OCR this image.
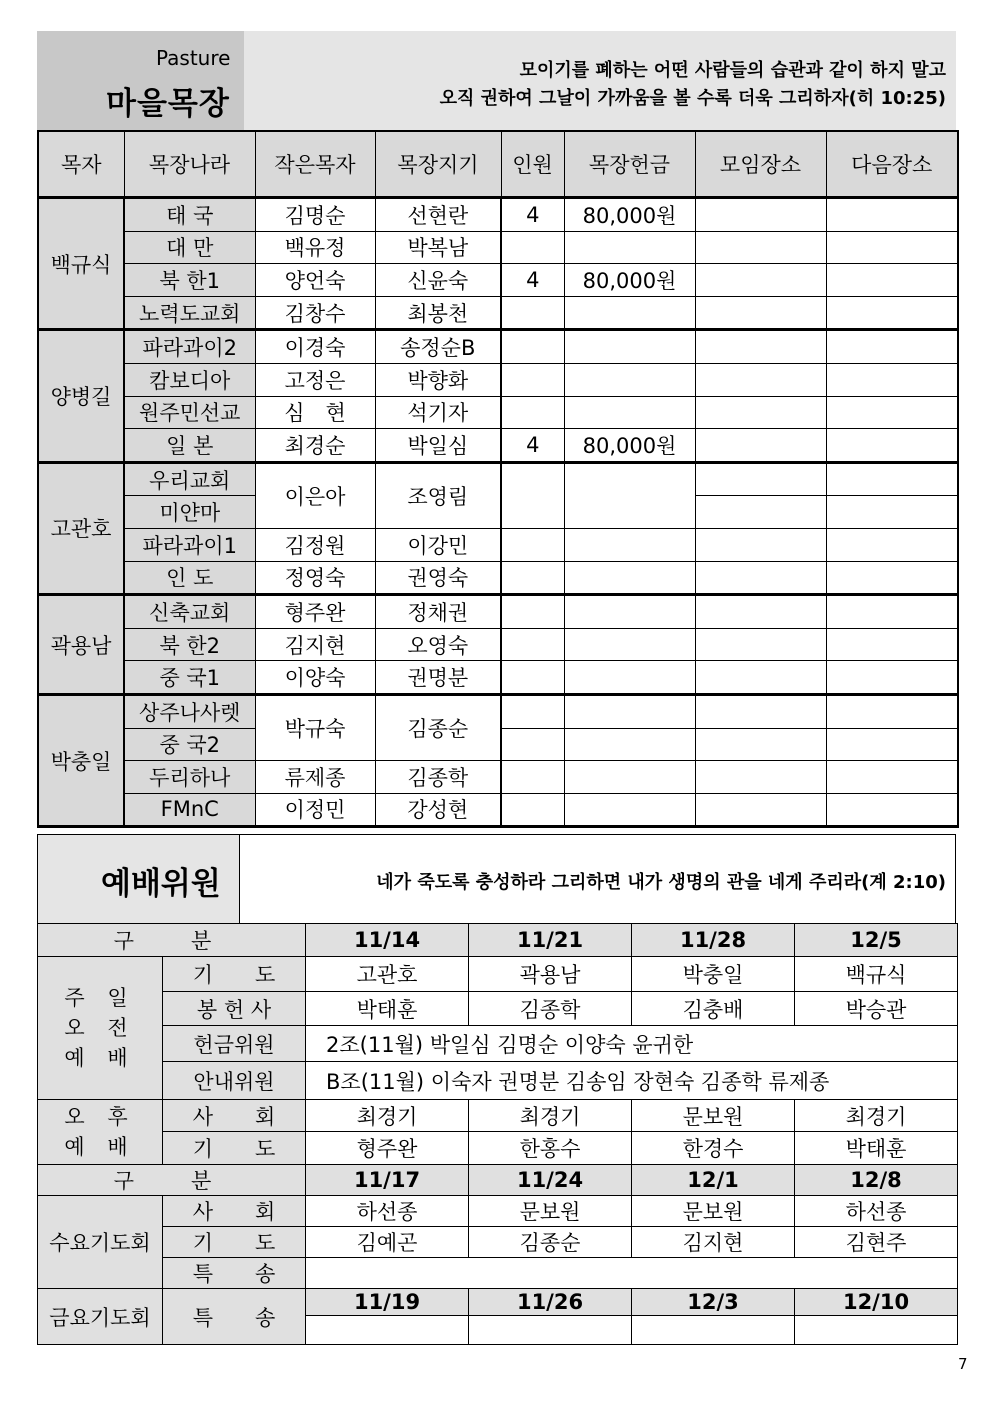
Pasture
마을목장
모이기를 폐하는 어떤 사람들의 습관과 같이 하지 말고
오직 권하여 그날이 가까움을 볼 수록 더욱 그리하자(히 10:25)
목자	목장나라	작은목자	목장지기	인원	목장헌금	모임장소	다음장소
백규식	태 국	김명순	선현란	4	80,000원		
	대 만	백유정	박복남				
	북 한1	양언숙	신윤숙	4	80,000원		
	노력도교회	김창수	최봉천				
양병길	파라과이2	이경숙	송정순B				
	캄보디아	고정은	박향화				
	원주민선교	심　현	석기자				
	일 본	최경순	박일심	4	80,000원		
고관호	우리교회	이은아	조영림				
	미얀마						
	파라과이1	김정원	이강민				
	인 도	정영숙	권영숙				
곽용남	신축교회	형주완	정채권				
	북 한2	김지현	오영숙				
	중 국1	이양숙	권명분				
박충일	상주나사렛	박규숙	김종순				
	중 국2						
	두리하나	류제종	김종학				
	FMnC	이정민	강성현				
예배위원	네가 죽도록 충성하라 그리하면 내가 생명의 관을 네게 주리라(계 2:10)
구　분		11/14	11/21	11/28	12/5
주 일 오 전 예 배	기　　도	고관호	곽용남	박충일	백규식
	봉 헌 사	박태훈	김종학	김충배	박승관
	헌금위원	2조(11월) 박일심 김명순 이양숙 윤귀한			
	안내위원	B조(11월) 이숙자 권명분 김송임 장현숙 김종학 류제종			
오 후 예 배	사　　회	최경기	최경기	문보원	최경기
	기　　도	형주완	한홍수	한경수	박태훈
구　분		11/17	11/24	12/1	12/8
수요기도회	사　　회	하선종	문보원	문보원	하선종
	기　　도	김예곤	김종순	김지현	김현주
	특　　송				
금요기도회	특　　송	11/19	11/26	12/3	12/10

7
